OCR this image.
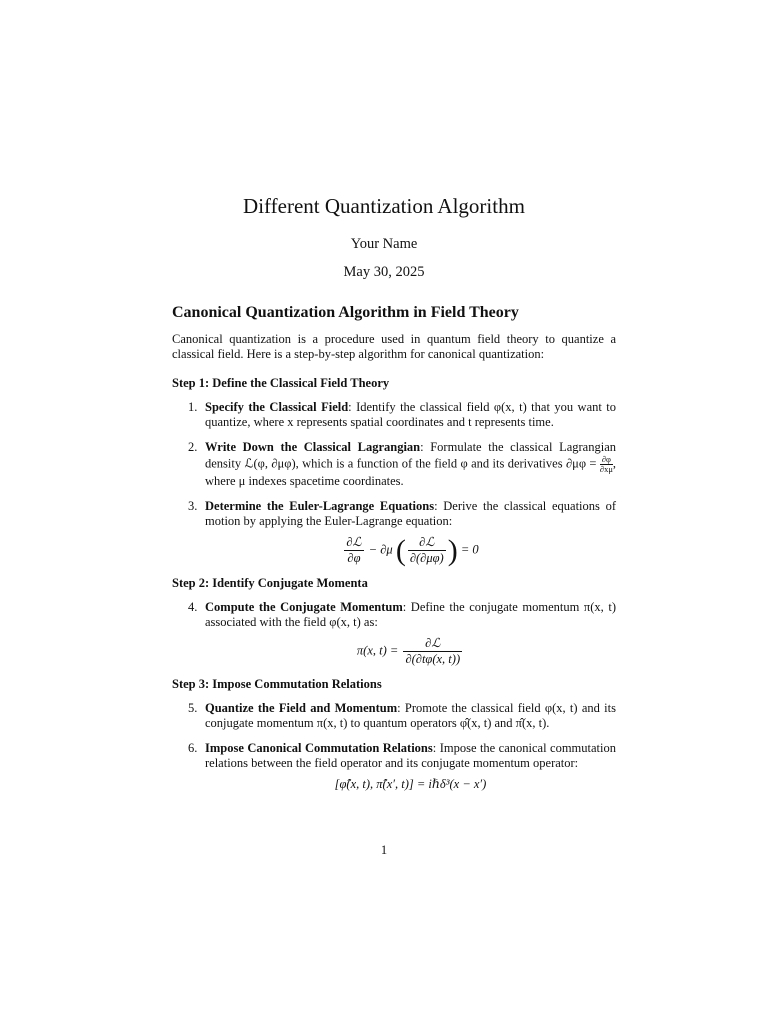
Different Quantization Algorithm
Your Name
May 30, 2025
Canonical Quantization Algorithm in Field Theory

Canonical quantization is a procedure used in quantum field theory to quantize a classical field. Here is a step-by-step algorithm for canonical quantization:

Step 1: Define the Classical Field Theory
1. Specify the Classical Field: Identify the classical field φ(x, t) that you want to quantize, where x represents spatial coordinates and t represents time.
2. Write Down the Classical Lagrangian: Formulate the classical Lagrangian density ℒ(φ, ∂μφ), which is a function of the field φ and its derivatives $\partial\mu\varphi = \frac{\partial\varphi}{\partial x\mu}$ , where μ indexes spacetime coordinates.
3. Determine the Euler-Lagrange Equations: Derive the classical equations of motion by applying the Euler-Lagrange equation:
$\frac{\text{∂ℒ}}{\partial\varphi} - \partial\mu$ ( $\frac{\text{∂ℒ}}{\partial(\partial\mu\varphi)}$ ) = 0
Step 2: Identify Conjugate Momenta
4. Compute the Conjugate Momentum: Define the conjugate momentum π(x, t) associated with the field φ(x, t) as:
π(x, $t) = \frac{\text{∂ℒ}}{\partial(\partial t\varphi(x, t))}$
Step 3: Impose Commutation Relations
5. Quantize the Field and Momentum: Promote the classical field φ(x, t) and its conjugate momentum π(x, t) to quantum operators φ̂(x, t) and π̂(x, t).
6. Impose Canonical Commutation Relations: Impose the canonical commutation relations between the field operator and its conjugate momentum operator:
[φ̂(x, t), π̂(x′, t)] = iℏδ³(x − x′)
1
